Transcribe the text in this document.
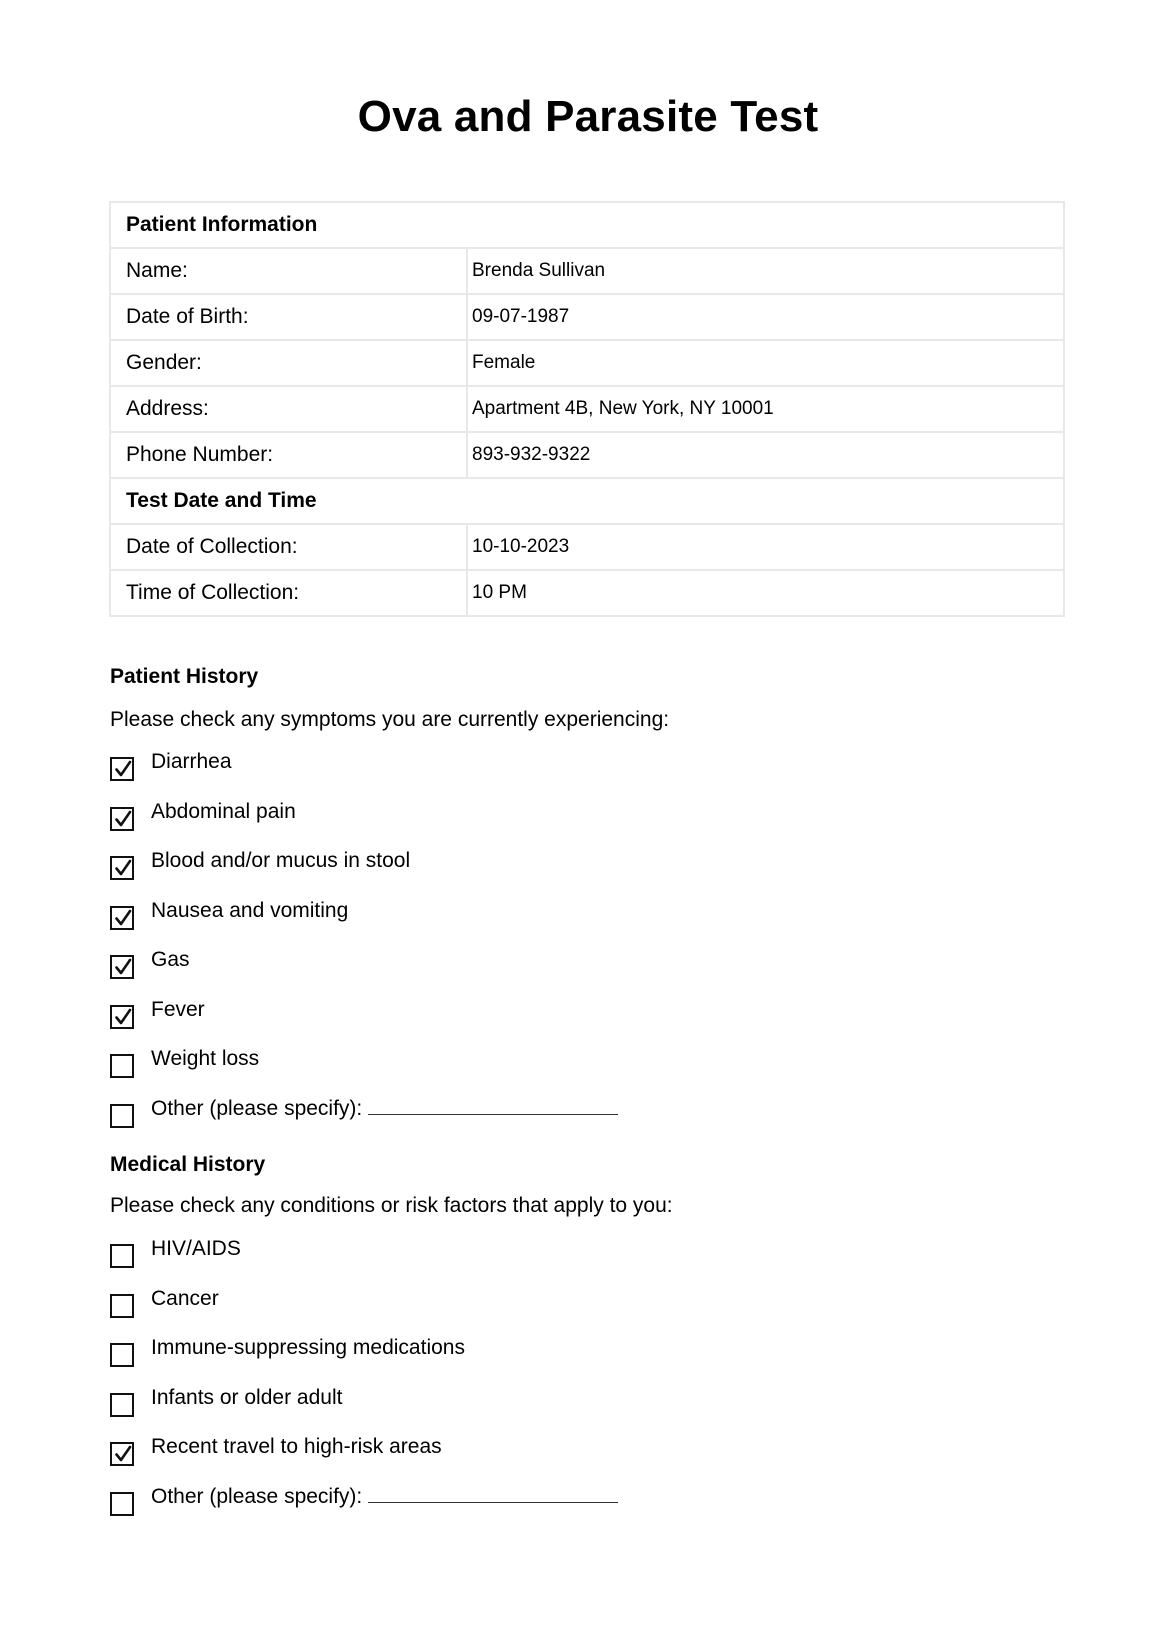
Ova and Parasite Test
Patient Information	
Name:	Brenda Sullivan
Date of Birth:	09-07-1987
Gender:	Female
Address:	Apartment 4B, New York, NY 10001
Phone Number:	893-932-9322
Test Date and Time	
Date of Collection:	10-10-2023
Time of Collection:	10 PM
Patient History
Please check any symptoms you are currently experiencing:
Diarrhea
Abdominal pain
Blood and/or mucus in stool
Nausea and vomiting
Gas
Fever
Weight loss
Other (please specify):
Medical History
Please check any conditions or risk factors that apply to you:
HIV/AIDS
Cancer
Immune-suppressing medications
Infants or older adult
Recent travel to high-risk areas
Other (please specify):
